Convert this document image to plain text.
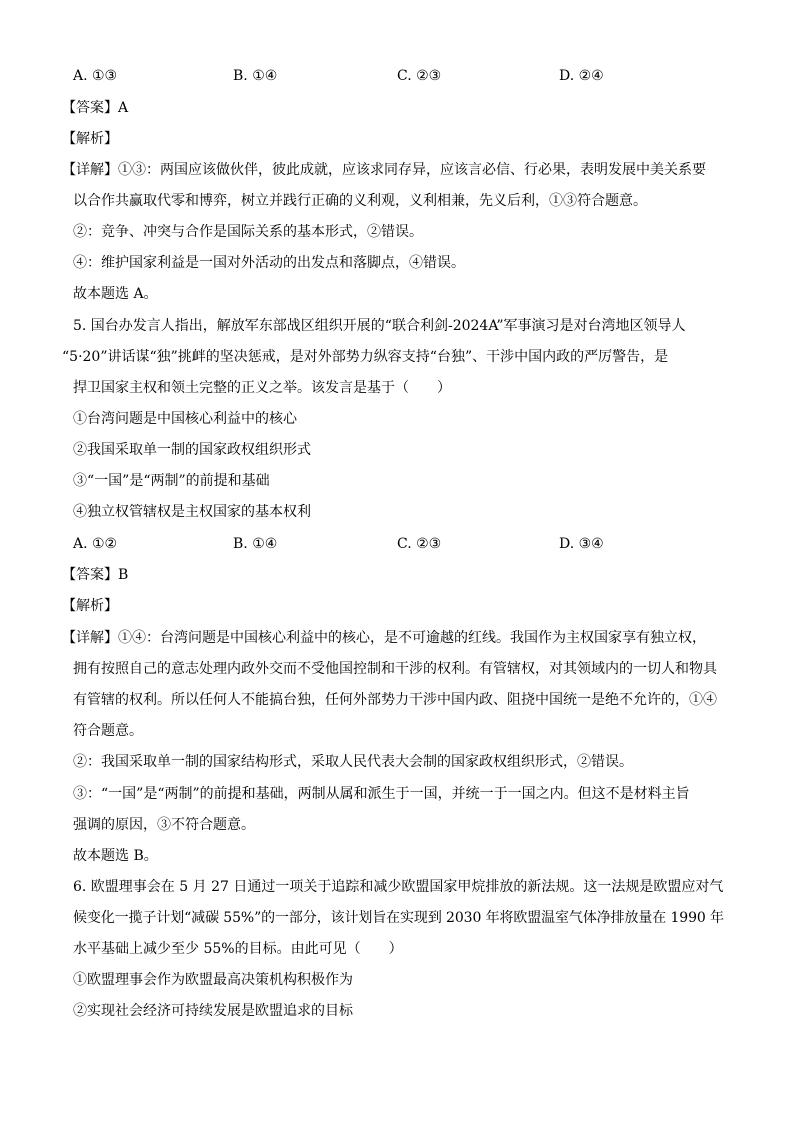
A. ①③	B. ①④	C. ②③	D. ②④
【答案】A
【解析】
【详解】①③：两国应该做伙伴，彼此成就，应该求同存异，应该言必信、行必果，表明发展中美关系要
以合作共赢取代零和博弈，树立并践行正确的义利观，义利相兼，先义后利，①③符合题意。
②：竞争、冲突与合作是国际关系的基本形式，②错误。
④：维护国家利益是一国对外活动的出发点和落脚点，④错误。
故本题选 A。
5. 国台办发言人指出，解放军东部战区组织开展的“联合利剑-2024A”军事演习是对台湾地区领导人
“5·20”讲话谋“独”挑衅的坚决惩戒，是对外部势力纵容支持“台独”、干涉中国内政的严厉警告，是
捍卫国家主权和领土完整的正义之举。该发言是基于（　　）
①台湾问题是中国核心利益中的核心
②我国采取单一制的国家政权组织形式
③“一国”是“两制”的前提和基础
④独立权管辖权是主权国家的基本权利
A. ①②	B. ①④	C. ②③	D. ③④
【答案】B
【解析】
【详解】①④：台湾问题是中国核心利益中的核心，是不可逾越的红线。我国作为主权国家享有独立权，
拥有按照自己的意志处理内政外交而不受他国控制和干涉的权利。有管辖权，对其领域内的一切人和物具
有管辖的权利。所以任何人不能搞台独，任何外部势力干涉中国内政、阻挠中国统一是绝不允许的，①④
符合题意。
②：我国采取单一制的国家结构形式，采取人民代表大会制的国家政权组织形式，②错误。
③：“一国”是“两制”的前提和基础，两制从属和派生于一国，并统一于一国之内。但这不是材料主旨
强调的原因，③不符合题意。
故本题选 B。
6. 欧盟理事会在 5 月 27 日通过一项关于追踪和减少欧盟国家甲烷排放的新法规。这一法规是欧盟应对气
候变化一揽子计划“减碳 55%”的一部分，该计划旨在实现到 2030 年将欧盟温室气体净排放量在 1990 年
水平基础上减少至少 55%的目标。由此可见（　　）
①欧盟理事会作为欧盟最高决策机构积极作为
②实现社会经济可持续发展是欧盟追求的目标
